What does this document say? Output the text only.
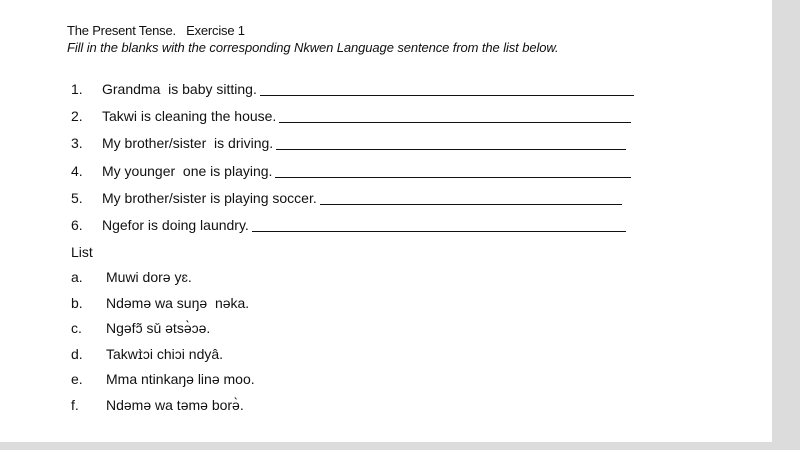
The Present Tense.   Exercise 1
Fill in the blanks with the corresponding Nkwen Language sentence from the list below.
1.	Grandma  is baby sitting.
2.	Takwi is cleaning the house.
3.	My brother/sister  is driving.
4.	My younger  one is playing.
5.	My brother/sister is playing soccer.
6.	Ngefor is doing laundry.
List
a.	Muwi dorə yɛ.
b.	Ndəmə wa suŋə  nəka.
c.	Ngəfɔ̃ sǔ ətsə̀ɔə.
d.	Takwɪ̀ɔi chiɔi ndyâ.
e.	Mma ntinkaŋə linə moo.
f.	Ndəmə wa təmə borə̀.
